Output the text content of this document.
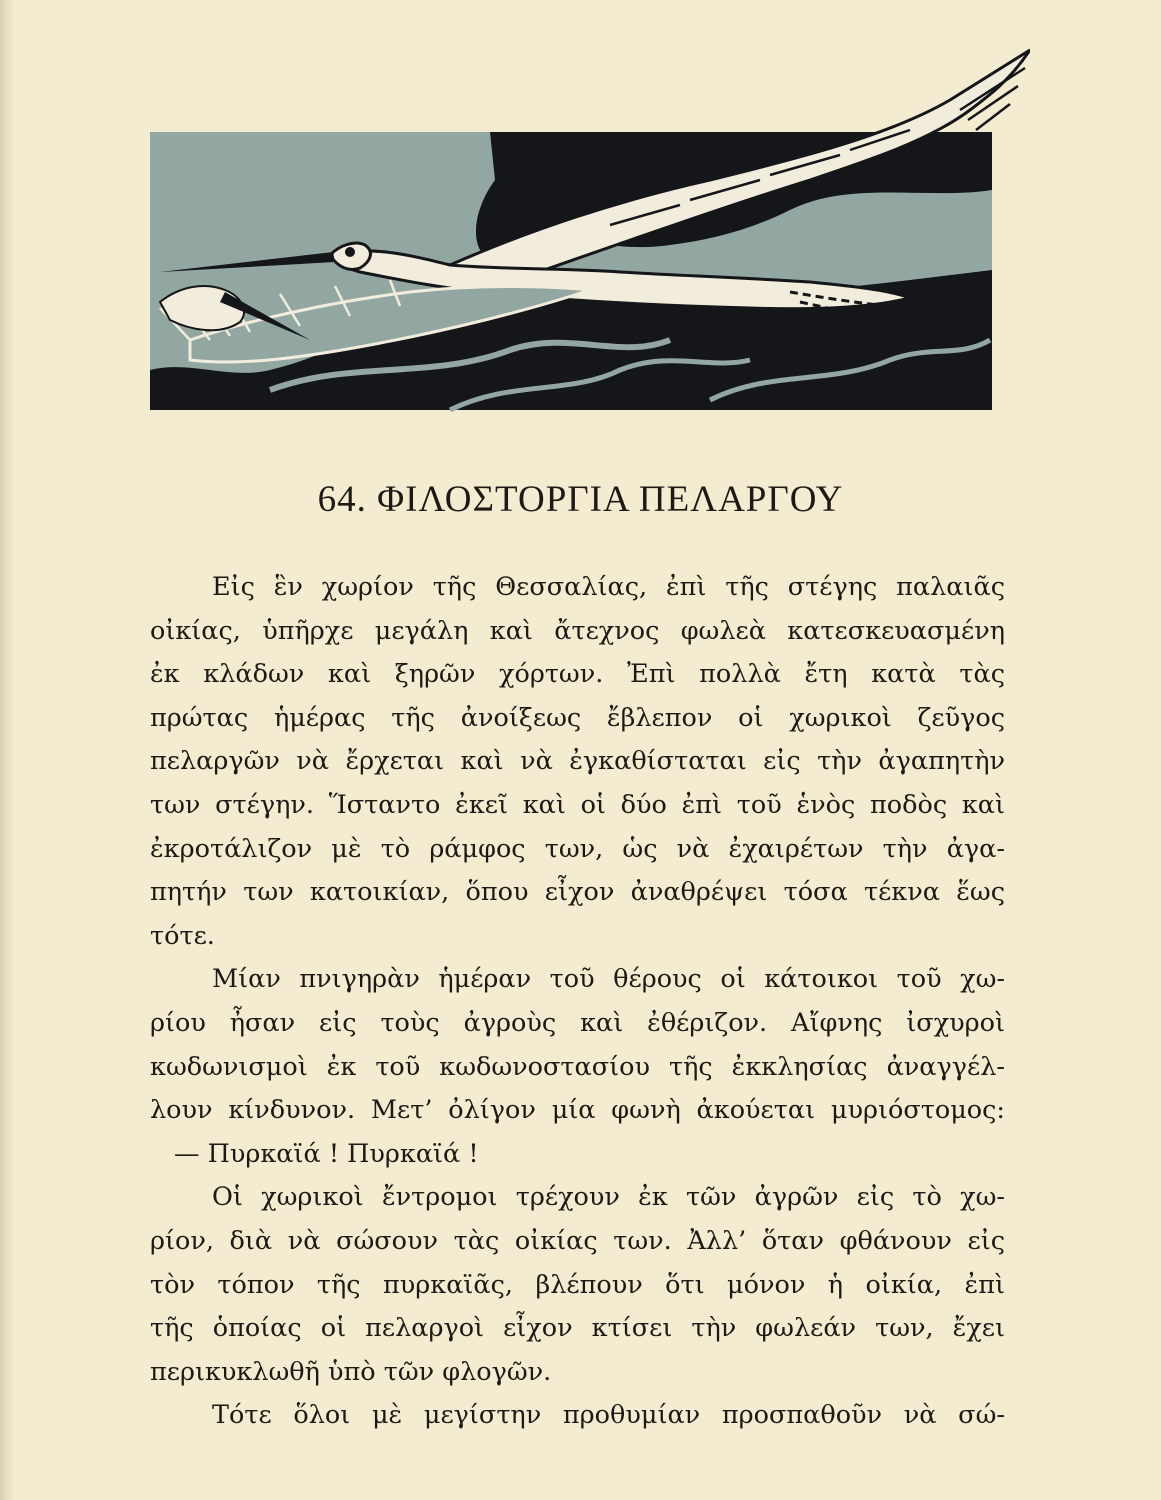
64. ΦΙΛΟΣΤΟΡΓΙΑ ΠΕΛΑΡΓΟΥ
Εἰς ἓν χωρίον τῆς Θεσσαλίας, ἐπὶ τῆς στέγης παλαιᾶς
οἰκίας, ὑπῆρχε μεγάλη καὶ ἄτεχνος φωλεὰ κατεσκευασμένη
ἐκ κλάδων καὶ ξηρῶν χόρτων. Ἐπὶ πολλὰ ἔτη κατὰ τὰς
πρώτας ἡμέρας τῆς ἀνοίξεως ἔβλεπον οἱ χωρικοὶ ζεῦγος
πελαργῶν νὰ ἔρχεται καὶ νὰ ἐγκαθίσταται εἰς τὴν ἀγαπητὴν
των στέγην. Ἵσταντο ἐκεῖ καὶ οἱ δύο ἐπὶ τοῦ ἑνὸς ποδὸς καὶ
ἐκροτάλιζον μὲ τὸ ράμφος των, ὡς νὰ ἐχαιρέτων τὴν ἀγα-
πητήν των κατοικίαν, ὅπου εἶχον ἀναθρέψει τόσα τέκνα ἕως
τότε.
Μίαν πνιγηρὰν ἡμέραν τοῦ θέρους οἱ κάτοικοι τοῦ χω-
ρίου ἦσαν εἰς τοὺς ἀγροὺς καὶ ἐθέριζον. Αἴφνης ἰσχυροὶ
κωδωνισμοὶ ἐκ τοῦ κωδωνοστασίου τῆς ἐκκλησίας ἀναγγέλ-
λουν κίνδυνον. Μετ’ ὀλίγον μία φωνὴ ἀκούεται μυριόστομος:
— Πυρκαϊά ! Πυρκαϊά !
Οἱ χωρικοὶ ἔντρομοι τρέχουν ἐκ τῶν ἀγρῶν εἰς τὸ χω-
ρίον, διὰ νὰ σώσουν τὰς οἰκίας των. Ἀλλ’ ὅταν φθάνουν εἰς
τὸν τόπον τῆς πυρκαϊᾶς, βλέπουν ὅτι μόνον ἡ οἰκία, ἐπὶ
τῆς ὁποίας οἱ πελαργοὶ εἶχον κτίσει τὴν φωλεάν των, ἔχει
περικυκλωθῆ ὑπὸ τῶν φλογῶν.
Τότε ὅλοι μὲ μεγίστην προθυμίαν προσπαθοῦν νὰ σώ-
